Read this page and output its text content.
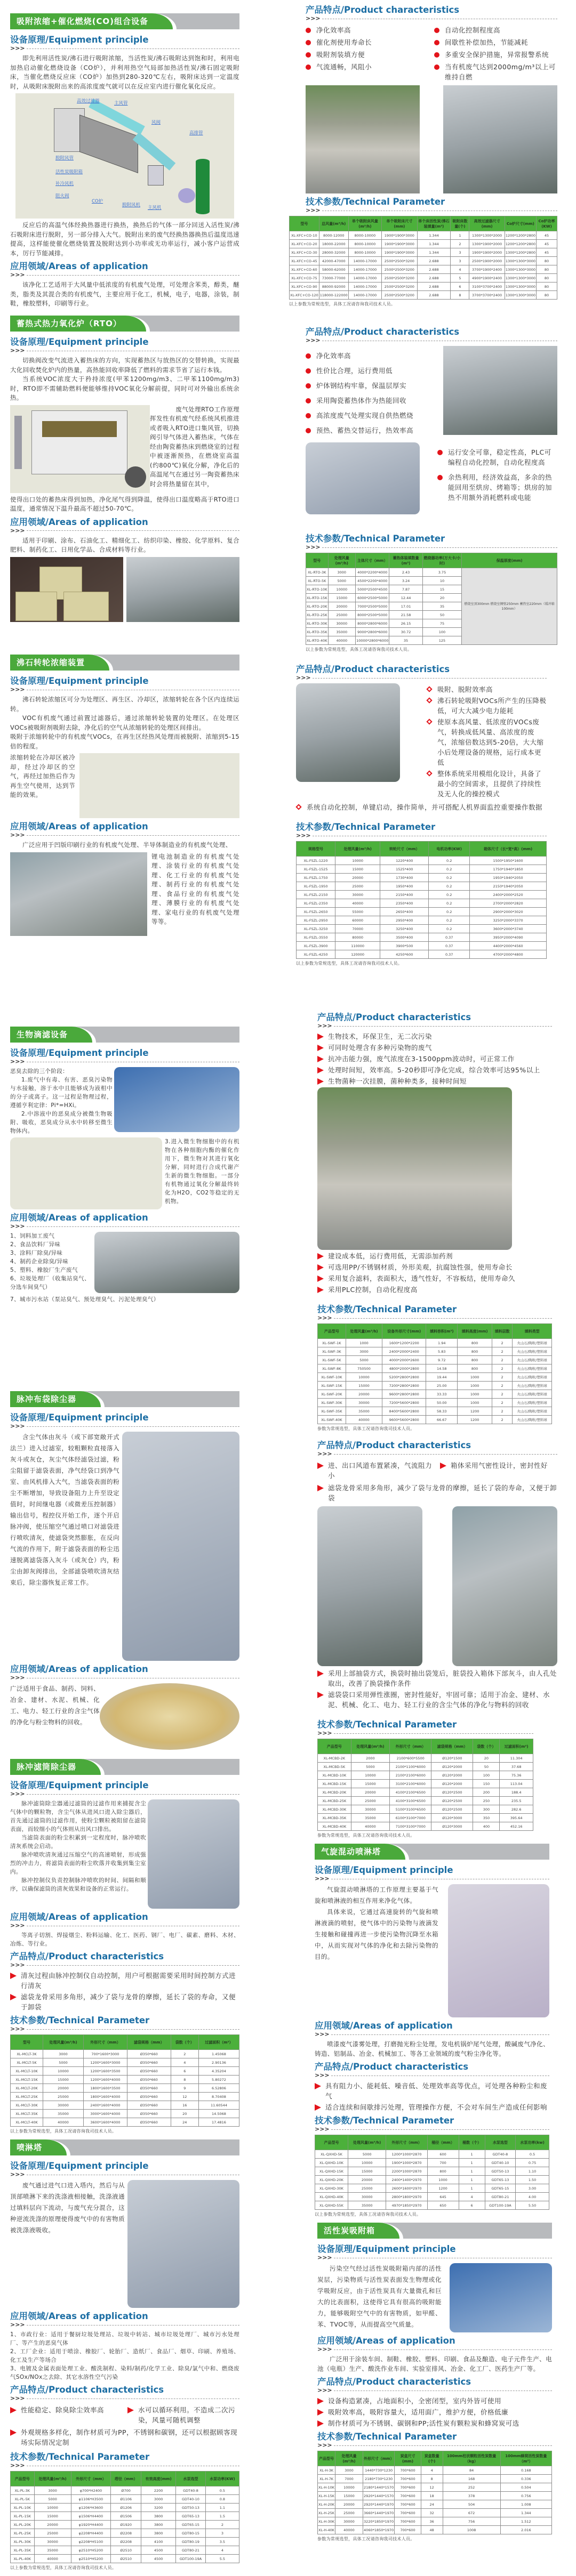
吸附浓缩+催化燃烧(CO)组合设备
设备原理/Equipment principle
>>>

即先利用活性炭/沸石进行吸附浓缩，当活性炭/沸石吸附达到饱和时，利用电加热启动催化燃烧设备（CO炉），并利用热空气局部加热活性炭/沸石固定吸附床，当催化燃烧反应床（CO炉）加热到280-320℃左右，吸附床达到一定温度时，从吸附床脱附出来的高浓度废气就可以在反应室内进行催化氧化反应。

高效过滤器	主风管
风阀
高排管
脱附风管
活性炭吸附箱
补冷风机
阻火阀
CO炉
脱附风机 主风机

反应后的高温气体经换热器进行换热，换热后的气体一部分回送入活性炭/沸石吸附床进行脱附，另一部分排入大气。脱附出来的废气经换热器换热后温度迅速提高，这样能使催化燃烧装置及脱附达到小功率或无功率运行，减小客户运营成本，厉行节能减排。

应用领域/Areas of application
>>>

该净化工艺适用于大风量中低浓度的有机废气处理，可处理含苯类，醇类，醚类，脂类及其混合类的有机废气，主要应用于化工，机械，电子，电器，涂装，制鞋，橡胶塑料，印刷等行业。

蓄热式热力氧化炉（RTO）
设备原理/Equipment principle
>>>

切换阀改变气流进入蓄热床的方向，实现蓄热区与放热区的交替转换，实现最大化回收焚化炉内的热量，高热能回收率降低了燃料的需求节省了运行本钱。

当系统VOC浓度大于矜持浓度(甲苯1200mg/m3、二甲苯1100mg/m3)时，RTO即不需辅助燃料便能够维持VOC氧化分解前提，同时可对外输出系统余热。

废气处理RTO工作原理

挥发性有机废气经系统风机推进或者吸入RTO进口集风管，切换阀引导气体进入蓄热床，气体在经由陶瓷蓄热床到燃烧室的过程中被逐渐预热，在燃烧室高温(约800℃)氧化分解，净化后的高温尾气在通过另一陶瓷蓄热床时会将热量留在其中，

使得出口处的蓄热床得到加热，净化尾气得到降温，使得出口温度略高于RTO进口温度，通常情况下温升最高不超过50-70℃。

应用领域/Areas of application
>>>

适用于印刷、涂布、石油化工、精细化工、纺织印染、橡胶、化学原料、复合肥料、制药化工、日用化学品、合成材料等行业。

沸石转轮浓缩装置
设备原理/Equipment principle
>>>

沸石转轮浓缩区可分为处理区、再生区、冷却区，浓缩转轮在各个区内连续运转。

VOC有机废气通过前置过滤器后，通过浓缩转轮装置的处理区。在处理区VOCs被吸附剂吸附去除，净化后的空气从浓缩转轮的处理区间排出。

吸附于浓缩转轮中的有机废气VOCs，在再生区经热风处理而被脱附、浓缩到5-15倍的程度。

浓缩转轮在冷却区被冷却，经过冷却区的空气，再经过加热后作为再生空气使用，达到节能的效果。

应用领域/Areas of application
>>>

广泛应用于凹版印刷行业的有机废气处理、半导体制造业的有机废气处理、

锂电池制造业的有机废气处理、涂装行业的有机废气处理、化工行业的有机废气处理、制药行业的有机废气处理、食品行业的有机废气处理、薄膜行业的有机废气处理、家电行业的有机废气处理等等。

生物滴滤设备
设备原理/Equipment principle
>>>

恶臭去除的三个阶段：

1.废气中有毒、有害、恶臭污染物与水接触，溶于水中且能够成为液相中的分子或离子。这一过程是物理过程，遵循亨利定律：Pi*=HXi。

2.中溶液中的恶臭成分被微生物吸附、吸收，恶臭成分从水中转移至微生物体内。

3.进入微生物细胞中的有机物在各种细胞内酶的催化作用下，微生物对其进行氧化分解，同时进行合成代谢产生新的微生物细胞。一部分有机物通过氧化分解最终转化为H2O，CO2等稳定的无机物。

应用领域/Areas of application
>>>
1、饲料加工废气
2、食品饮料厂异味
3、涂料厂除臭/异味
4、制药企业除臭/异味
5、塑料、橡胶厂生产废气
6、垃圾处理厂（收集站臭气、分选车间臭气）
7、城市污水站（泵站臭气、预处理臭气、污泥处理臭气）
脉冲布袋除尘器
设备原理/Equipment principle
>>>

含尘气体由灰斗（或下部宽敞开式法兰）进入过滤室，较粗颗粒直接落入灰斗或灰仓，灰尘气体经滤袋过滤，粉尘阻留于滤袋表面，净气经袋口到净气室、由风机排入大气，当滤袋表面的粉尘不断增加，导致设备阻力上升至设定值时，时间继电器（或微差压控制器）输出信号，程控仪开始工作，逐个开启脉冲阀，使压缩空气通过喷口对滤袋进行喷吹清灰，使滤袋突然膨胀，在反向气流的作用下，附于滤袋表面的粉尘迅速脱离滤袋落入灰斗（或灰仓）内，粉尘由卸灰阀排出，全部滤袋喷吹清灰结束后，除尘器恢复正常工作。

应用领域/Areas of application
>>>

广泛适用于食品、制药、饲料、冶金、建材、水泥、机械、化工、电力、轻工行业的含尘气体的净化与粉尘物料的回收。

脉冲滤筒除尘器
设备原理/Equipment principle
>>>

脉冲滤筒除尘器通过滤筒的过滤作用来捕捉含尘气体中的颗粒物，含尘气体从进风口进入除尘器后，首先通过滤筒的过滤作用，使粉尘颗粒被阻留在滤筒表面，而较细小的气体则从出风口排出。

当滤筒表面的粉尘积累到一定程度时，脉冲喷吹清灰系统会启动。

脉冲喷吹清灰通过压缩空气的高速喷射，形成强烈的冲击力，将滤筒表面的粉尘吹落并收集到集尘室内。

脉冲控制仪负责控制脉冲喷吹的时间、间隔和顺序，以确保滤筒的清灰效果和设备的正常运行。

应用领域/Areas of application
>>>

等离子切割、焊接烟尘、粉料运输、化工、医药、钢厂、电厂、碳素、磨料、木材、冶炼、等行业。

产品特点/Product characteristics
>>>
清灰过程由脉冲控制仪自动控制，用户可根据需要采用时间控制方式进行清灰
滤袋龙骨采用多角形，减少了袋与龙骨的摩擦，延长了袋的寿命，又便于卸袋
技术参数/Technical Parameter
>>>
型号	处理风量(m³/h)	外形尺寸（mm）	滤袋规格（mm）	袋数（个）	过滤面积（m²）
XL-MCLT-3K	3000	700*1600*3000	Ø350*660	2	1.45068
XL-MCLT-5K	5000	1200*1600*3000	Ø350*660	4	2.90136
XL-MCLT-10K	10000	1200*1600*3500	Ø350*660	6	4.35204
XL-MCLT-15K	15000	1200*1600*4000	Ø350*660	8	5.80272
XL-MCLT-20K	20000	1800*1600*3500	Ø350*660	9	6.52806
XL-MCLT-25K	25000	1800*1600*4000	Ø350*660	12	8.70408
XL-MCLT-30K	30000	2400*1600*4000	Ø350*660	16	11.60544
XL-MCLT-35K	35000	3000*1600*4000	Ø350*660	20	14.5068
XL-MCLT-40K	40000	3600*1600*4000	Ø350*660	24	17.4816
以上参数为常规选型，具体工况请咨询我司技术人员。
喷淋塔
设备原理/Equipment principle
>>>

废气通过进气口进入塔内，然后与从顶部喷淋下来的洗涤液相接触，洗涤液通过填料层向下流动，与废气充分混合，这种逆流洗涤的原理使得废气中的有害物质被洗涤液吸收。

应用领域/Areas of application
>>>
1、市政行业：适用于餐厨垃圾处理站、垃圾中转站、城市垃圾处理厂、城市污水处理厂、等产生的恶臭气体
2、工厂企业：适用于喷涂、橡胶厂、轮胎厂、造纸厂、食品厂、烟草、印刷、养殖场、化工及生产等场合
3、电镀及金属表面处理工业、酸洗制程、染料/制药/化学工业、除臭/氯气中和、燃烧废气SOx/NOx之去除、其它水溶性空气污染
产品特点/Product characteristics
>>>
性能稳定、除臭除尘效率高	水可以循环利用。不造成二次污染，风量可随机调整
外观规格多样化，制作材质可为PP，不锈钢和碳钢，还可以根据顾客现场实际情况定制
技术参数/Technical Parameter
>>>
产品型号	处理风量(m³/h)	外形尺寸（mm）	塔径（mm）	有效高度(mm)	水泵选型	水泵功率(KW)
XL-PL-3K	3000	φ700*H2400	Ø700	2200	GDT40-8	0.5
XL-PL-5K	5000	φ1106*H3500	Ø1106	3000	GDT40-10	0.8
XL-PL-10K	10000	φ1206*H3600	Ø1206	3200	GDT50-13	1.1
XL-PL-15K	15000	φ1506*H4400	Ø1506	3800	GDT65-13	1.5
XL-PL-20K	20000	φ1920*H4400	Ø1920	3800	GDT65-15	2
XL-PL-25K	25000	φ2208*H4400	Ø2208	3800	GDT80-15	3
XL-PL-30K	30000	φ2208*H5100	Ø2208	4100	GDT80-19	3.5
XL-PL-35K	35000	φ2510*H5200	Ø2510	4500	GDT80-21	4
XL-PL-40K	40000	φ2510*H5200	Ø2510	4500	GDT100-19A	5.5
以上参数为常规选型，具体工况请咨询我司技术人员。
产品特点/Product characteristics
>>>
净化效率高	自动化控制程度高
催化剂使用寿命长	间歇性补偿加热，节能减耗
吸附剂装填方便	多重安全保护措施，异常报警系统
气流通畅，风阻小	当有机废气达到2000mg/m³以上可维持自燃
技术参数/Technical Parameter
>>>
型号	总风量(m³/h)	单个吸附床风量(m³/h)	单个吸附床尺寸(mm)	单个床活性炭/沸石装填量(m³)	吸附床数量(个)	高效过滤器尺寸(mm)	Co炉尺寸(mm)	Co炉功率(KW)
XL-XFC+CO-10	8000-12000	8000-10000	1900*1900*3000	1.344	1	1300*1300*2000	1200*1200*2800	45
XL-XFC+CO-20	18000-22000	8000-10000	1900*1900*3000	1.344	2	1300*1900*2000	1200*1200*2800	45
XL-XFC+CO-30	28000-32000	8000-10000	1900*1900*3000	1.344	3	1900*1900*2000	1300*1200*2800	45
XL-XFC+CO-45	42000-47000	14000-17000	2500*2500*3200	2.688	3	2500*1900*2000	1300*1300*3000	80
XL-XFC+CO-60	58000-62000	14000-17000	2500*2500*3200	2.688	4	3700*1900*2400	1300*1300*3000	80
XL-XFC+CO-75	73000-77000	14000-17000	2500*2500*3200	2.688	5	4900*1900*2400	1300*1300*3000	80
XL-XFC+CO-90	88000-92000	14000-17000	2500*2500*3200	2.688	6	3100*3700*2400	1300*1300*3000	80
XL-XFC+CO-120	118000-122000	14000-17000	2500*2500*3200	2.688	8	3700*3700*2400	1300*1300*3000	80
以上参数为常规选型，具体工况请咨询我司技术人员。
产品特点/Product characteristics
>>>
净化效率高
性价比合理，运行费用低
炉体钢结构牢靠，保温层厚实
采用陶瓷蓄热体作为热能回收
高浓度废气处理实现自供热燃烧
预热、蓄热交替运行，热效率高
运行安全可靠，稳定性高，PLC可编程自动化控制，自动化程度高
余热利用，经济效益高，多余的热能回用至烘房、烤箱等；烘房的加热不用额外消耗燃料或电能
技术参数/Technical Parameter
>>>
型号	处理风量(m³/h)	主体尺寸（mm）	蓄热体装填数量(m³)	燃烧器功率(万大卡/小时)	保温厚度(mm)
XL-RTO-3K	3000	4000*2200*4000	2.43	3.75	燃烧室顶300mm 燃烧室侧壁250mm 蓄热室220mm（缓冲箱100mm）
XL-RTO-5K	5000	4500*2200*4000	3.24	10	
XL-RTO-10K	10000	5000*2500*4500	7.87	15	
XL-RTO-15K	15000	6000*2500*5000	12.44	20	
XL-RTO-20K	20000	7000*2500*5000	17.01	35	
XL-RTO-25K	25000	8000*2500*5000	21.58	50	
XL-RTO-30K	30000	8000*2800*6000	26.15	75	
XL-RTO-35K	35000	9000*2800*6000	30.72	100	
XL-RTO-40K	40000	10000*2800*6000	35	125	
以上参数为常规选型，具体工况请咨询我司技术人员。
产品特点/Product characteristics
>>>
吸附、脱附效率高
沸石转轮吸附VOCs所产生的压降极低，可大大减少电力能耗
使原本高风量、低浓度的VOCs废气，转换成低风量、高浓度的废气，浓缩倍数达到5-20倍，大大缩小后处理设备的规格，运行成本更低
整体系统采用模组化设计，具备了最小的空间需求，且提供了持续性及无人化的操控模式
系统自动化控制，单键启动，操作简单，并可搭配人机界面监控重要操作数据
技术参数/Technical Parameter
>>>
规格型号	处理风量(m³/h)	转轮尺寸（mm）	电机功率(KW)	箱体尺寸（长*宽*高）(mm)
XL-FSZL-1220	10000	1220*400	0.2	1500*1950*1600
XL-FSZL-1525	15000	1525*400	0.2	1750*1940*1850
XL-FSZL-1750	20000	1730*400	0.2	1950*1940*2050
XL-FSZL-1950	25000	1950*400	0.2	2150*1940*2050
XL-FSZL-2150	30000	2150*400	0.2	2400*2000*2520
XL-FSZL-2350	40000	2350*400	0.2	2700*2000*2820
XL-FSZL-2650	55000	2650*400	0.2	2900*2000*3020
XL-FSZL-2950	60000	2950*400	0.2	3250*2000*3370
XL-FSZL-3250	70000	3250*400	0.2	3600*2000*3740
XL-FSZL-3550	80000	3500*400	0.37	3950*2000*4090
XL-FSZL-3900	110000	3900*500	0.37	4400*2000*4560
XL-FSZL-4250	120000	4250*600	0.37	4700*2000*4800
以上参数为常规选型，具体工况请咨询我司技术人员。
产品特点/Product characteristics
>>>
生物技术，环保卫生，无二次污染
可同时处理含有多种污染物的废气
抗冲击能力强，废气浓度在3-1500ppm波动时，可正常工作
处理时间短，效率高。5-20秒即可净化完成，综合效率可达95%以上
生物菌种一次挂膜，菌种种类多，接种时间短
建设成本低，运行费用低，无需添加药剂
可选用PP/不锈钢材质，外形美观，抗腐蚀性强，使用寿命长
采用复合滤料，表面积大，透气性好，不容板结，使用寿命久
采用PLC控制，自动化程度高
技术参数/Technical Parameter
>>>
产品型号	处理风量(m³/h)	设备外形尺寸(mm)	填料容积(m³)	填料高度(mm)	填料层数	填料类型
XL-SWF-1K	1000	1600*1200*2200	1.94	800	2	火山石/陶粒/塑料球
XL-SWF-3K	3000	2400*2000*2400	5.83	800	2	火山石/陶粒/塑料球
XL-SWF-5K	5000	4000*2000*2600	9.72	800	2	火山石/陶粒/塑料球
XL-SWF-8K	750500	4800*2000*2800	14.58	800	2	火山石/陶粒/塑料球
XL-SWF-10K	10000	5200*2800*2800	19.44	1000	2	火山石/陶粒/塑料球
XL-SWF-15K	15000	7200*2800*2800	25.00	1000	2	火山石/陶粒/塑料球
XL-SWF-20K	20000	9600*2800*2800	33.33	1000	2	火山石/陶粒/塑料球
XL-SWF-30K	30000	7200*5600*2800	50.00	1000	2	火山石/陶粒/塑料球
XL-SWF-35K	35000	8400*5600*2800	58.33	1200	2	火山石/陶粒/塑料球
XL-SWF-40K	40000	9600*5600*2800	66.67	1200	2	火山石/陶粒/塑料球
参数为常规选型，具体工况请咨询我司技术人员。
产品特点/Product characteristics
>>>
进、出口风道布置紧凑，气流阻力小
箱体采用气密性设计，密封性好
滤袋龙骨采用多角形，减少了袋与龙骨的摩擦，延长了袋的寿命，又便于卸袋
采用上部抽袋方式，换袋时抽出袋笼后，脏袋投入箱体下部灰斗，由人孔处取出，改善了换袋操作条件
滤袋袋口采用弹性涨圈，密封性能好，牢固可靠；适用于冶金、建材、水泥、机械、化工、电力、轻工行业的含尘气体的净化与物料的回收
技术参数/Technical Parameter
>>>
产品型号	处理风量(m³/h)	外形尺寸（mm）	滤袋规格（mm）	袋数（个）	过滤面积(m²)
XL-MCBD-2K	2000	2100*600*5500	Ø120*1500	20	11.304
XL-MCBD-5K	5000	2100*1100*6000	Ø120*2000	50	37.68
XL-MCBD-10K	10000	2100*2100*6000	Ø120*2000	100	75.36
XL-MCBD-15K	15000	3100*2100*6000	Ø120*2000	150	113.04
XL-MCBD-20K	20000	4100*2100*6500	Ø120*2500	200	188.4
XL-MCBD-25K	25000	4100*3100*6500	Ø120*2500	250	235.5
XL-MCBD-30K	30000	5100*3100*6500	Ø120*2500	300	282.6
XL-MCBD-35K	35000	6100*3100*7000	Ø120*3000	350	395.64
XL-MCBD-40K	40000	7100*3100*7000	Ø120*3000	400	452.16
参数为常规选型，具体工况请咨询我司技术人员。
气旋混动喷淋塔
设备原理/Equipment principle
>>>

气旋混动喷淋塔的工作原理主要基于气旋和喷淋液的相互作用来净化气体。

具体来说，它通过高速旋转的气旋和喷淋液滴的喷射，使气体中的污染物与液滴发生接触和碰撞再进一步使污染物沉降至水箱中，从而实现对气体的净化和去除污染物的目的。

应用领域/Areas of application
>>>

喷漆废气漆雾处理，打磨抛光粉尘处理，发电机锅炉尾气处理，酸碱废气净化、铸造、铝制品、冶金、机械加工、等各工业领域的废气粉尘净化等。

产品特点/Product characteristics
>>>
具有阻力小、能耗低、噪音低、处理效率高等优点，可处理各种粉尘和废气
适合连续和间歇排污处理，管理操作方便，不会对车间生产造成任何影响
技术参数/Technical Parameter
>>>
产品型号	处理风量(m³/h)	外形尺寸（mm）	桶径（mm）	桶数（个）	水泵选型	水泵功率(kw)
XL-QXHD-5K	5000	1200*1000*2870	600	1	GDT40-8	0.5
XL-QXHD-10K	10000	1900*1000*2870	700	1	GDT40-10	0.75
XL-QXHD-15K	15000	2200*1000*2870	800	1	GDT50-13	1.10
XL-QXHD-20K	20000	2400*1400*2970	1000	1	GDT65-13	1.50
XL-QXHD-30K	25000	2600*1600*2970	1200	1	GDT65-15	3.00
XL-QXHD-40K	30000	2800*1800*2970	645	4	GDT80-21	4.00
XL-QXHD-55K	35000	4970*1850*2970	650	6	GDT100-19A	5.50
以上参数为常规选型，具体工况请咨询我司技术人员。
活性炭吸附箱
设备原理/Equipment principle
>>>

污染空气经过活性炭吸附箱内部的活性炭层，污染物质与活性炭表面发生物理或化学吸附反应，由于活性炭具有大量微孔和巨大的比表面积，这使得它具有很高的吸附能力，能够吸附空气中的有害物质，如甲醛、苯、TVOC等，从而提高空气质量。

应用领域/Areas of application
>>>

广泛用于涂装车间、制鞋、橡胶、塑料、印刷、食品及酿造、电子元件生产、电池（电瓶）生产、酸洗作业车间、实验室排风、冶金、化工厂、医药生产厂等。

产品特点/Product characteristics
>>>
设备构造紧凑，占地面积小，全密闭型，室内外皆可使用
吸附效率高，吸附容量大，适用面广，维护方便，价格低廉
制作材质可为不锈钢、碳钢和PP;活性炭有颗粒炭和蜂窝炭可选
技术参数/Technical Parameter
>>>
产品型号	处理风量(m³/h)	外形尺寸（mm）	炭盒尺寸(mm)	炭盒数量(个)	100mm柱状颗粒活性炭数量（kg）	100mm蜂窝活性炭数量（m³）
XL-H-3K	3000	1440*730*1230	700*600	4	84	0.168
XL-H-7K	7000	2180*730*1230	700*600	8	168	0.336
XL-H-10K	10000	2180*1440*1570	700*600	12	252	0.504
XL-H-15K	15000	2920*1440*1570	700*600	18	378	0.756
XL-H-20K	20000	2920*1440*1970	700*600	24	504	1.008
XL-H-25K	25000	3660*1440*1970	700*600	32	672	1.344
XL-H-30K	30000	3220*1850*1970	700*600	36	756	1.512
XL-H-40K	40000	4060*1850*1970	700*600	48	1008	2.016
参数为常规选型，具体工况请咨询我司技术人员。
